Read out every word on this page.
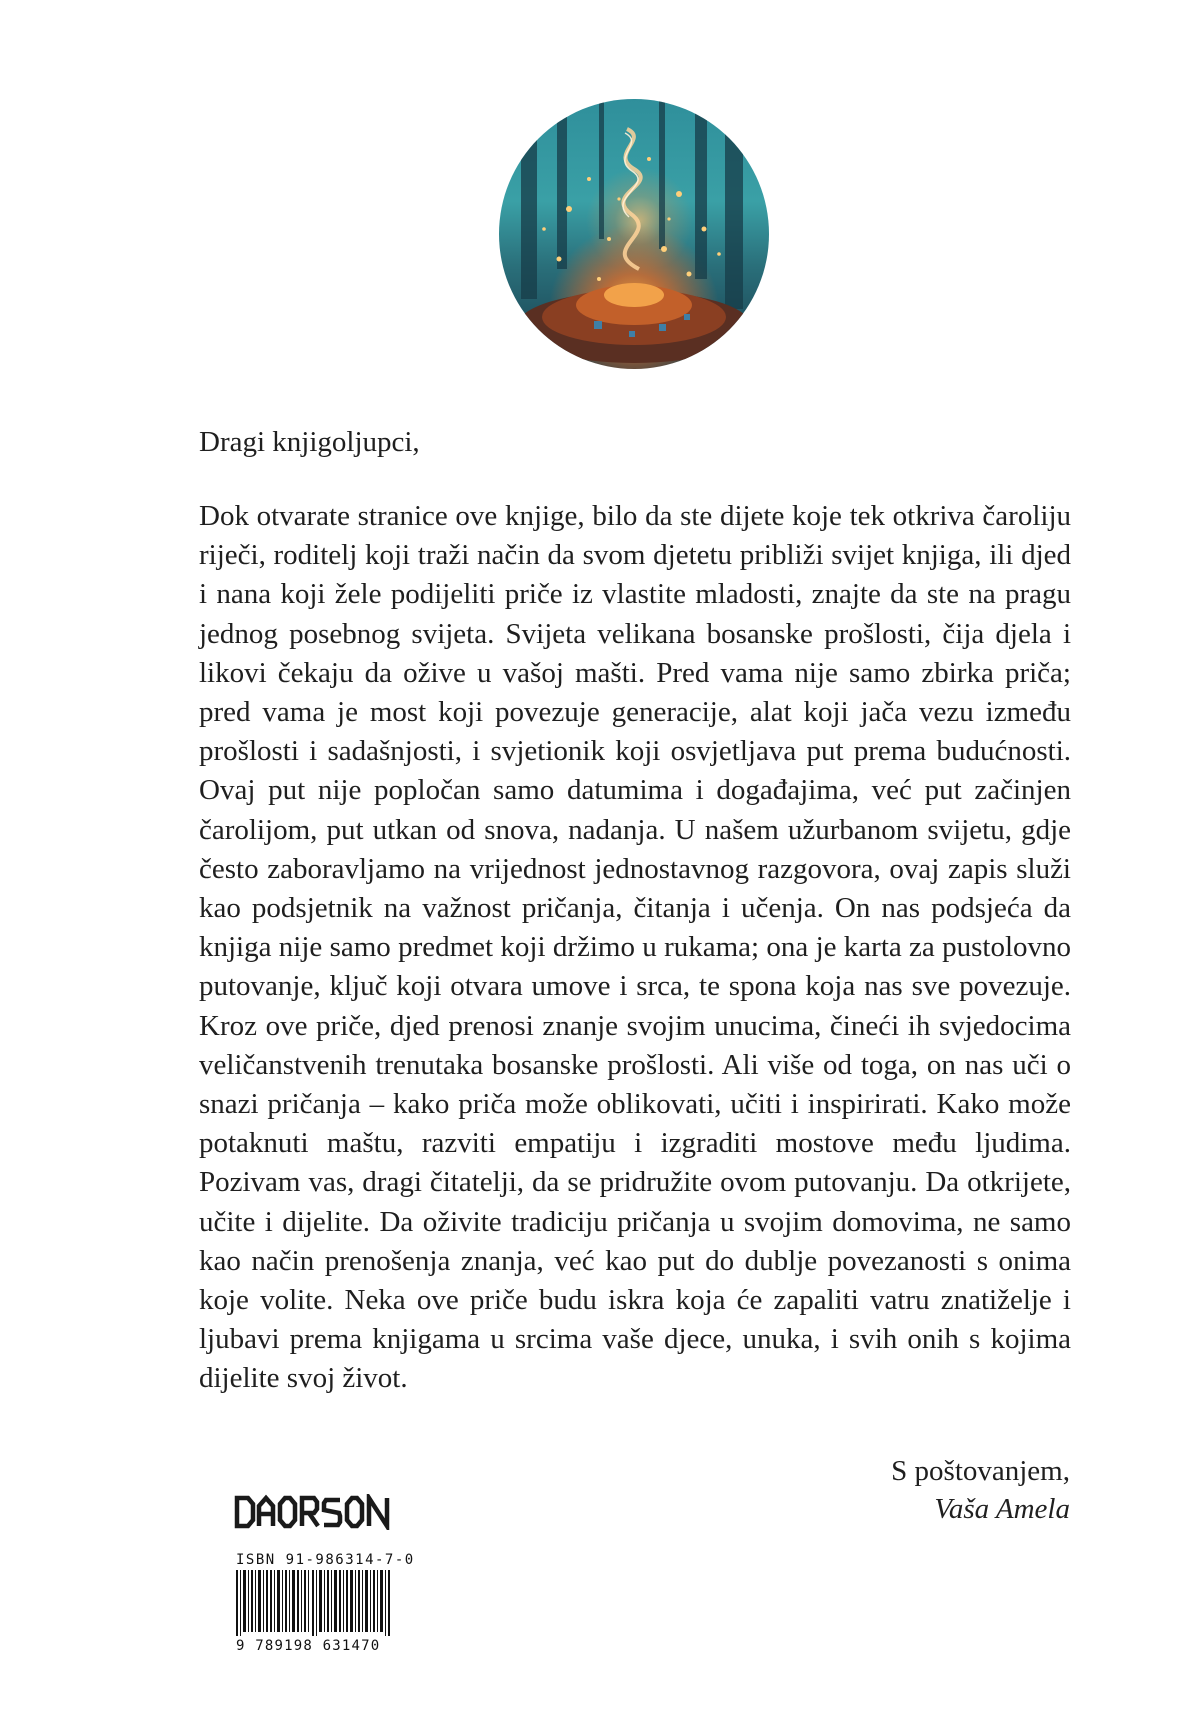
Dragi knjigoljupci,
Dok otvarate stranice ove knjige, bilo da ste dijete koje tek otkriva čaroliju riječi, roditelj koji traži način da svom djetetu približi svijet knjiga, ili djed i nana koji žele podijeliti priče iz vlastite mladosti, znajte da ste na pragu jednog posebnog svijeta. Svijeta velikana bosanske prošlosti, čija djela i likovi čekaju da ožive u vašoj mašti. Pred vama nije samo zbirka priča; pred vama je most koji povezuje generacije, alat koji jača vezu između prošlosti i sadašnjosti, i svjetionik koji osvjetljava put prema budućnosti. Ovaj put nije popločan samo datumima i događajima, već put začinjen čarolijom, put utkan od snova, nadanja. U našem užurbanom svijetu, gdje često zaboravljamo na vrijednost jednostavnog razgovora, ovaj zapis služi kao podsjetnik na važnost pričanja, čitanja i učenja. On nas podsjeća da knjiga nije samo predmet koji držimo u rukama; ona je karta za pustolovno putovanje, ključ koji otvara umove i srca, te spona koja nas sve povezuje. Kroz ove priče, djed prenosi znanje svojim unucima, čineći ih svjedocima veličanstvenih trenutaka bosanske prošlosti. Ali više od toga, on nas uči o snazi pričanja – kako priča može oblikovati, učiti i inspirirati. Kako može potaknuti maštu, razviti empatiju i izgraditi mostove među ljudima. Pozivam vas, dragi čitatelji, da se pridružite ovom putovanju. Da otkrijete, učite i dijelite. Da oživite tradiciju pričanja u svojim domovima, ne samo kao način prenošenja znanja, već kao put do dublje povezanosti s onima koje volite. Neka ove priče budu iskra koja će zapaliti vatru znatiželje i ljubavi prema knjigama u srcima vaše djece, unuka, i svih onih s kojima dijelite svoj život.
S poštovanjem,
Vaša Amela
ISBN 91-986314-7-0
9 789198 631470
